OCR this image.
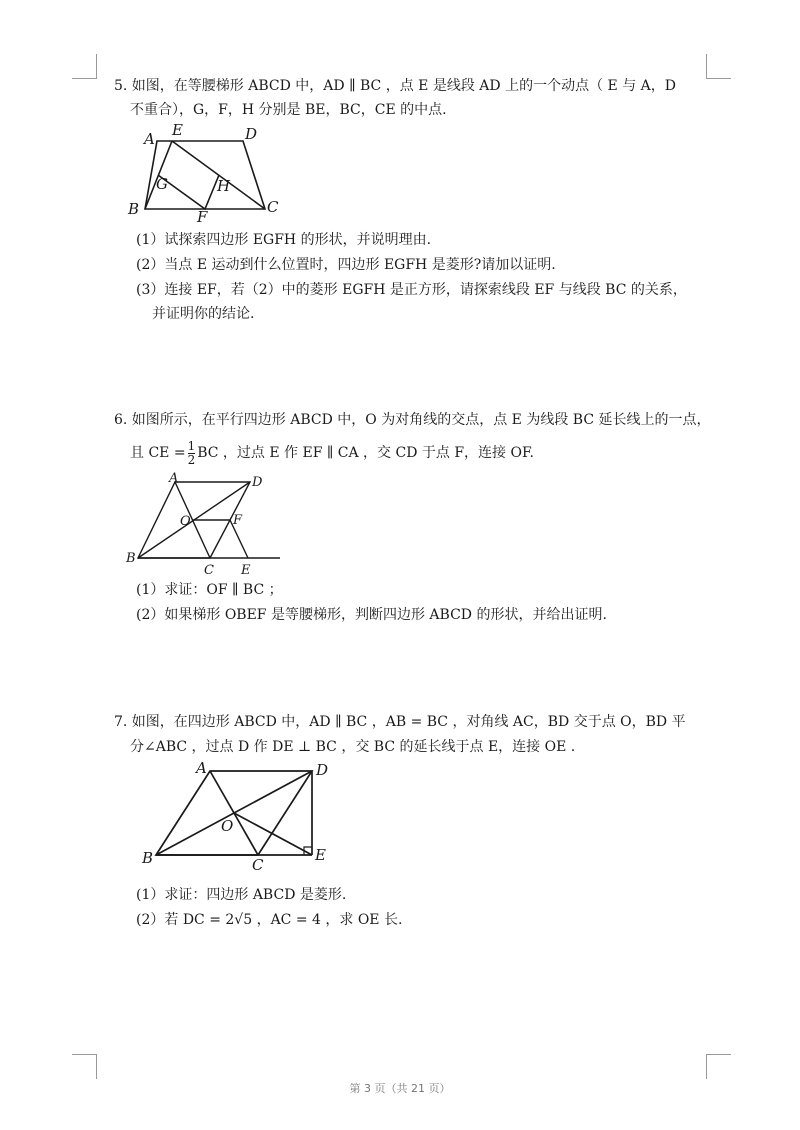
5. 如图，在等腰梯形 ABCD 中，AD ∥ BC ，点 E 是线段 AD 上的一个动点（ E 与 A，D
不重合），G，F，H 分别是 BE，BC，CE 的中点.
A E	D
G	H
B	F
C
(1）试探索四边形 EGFH 的形状，并说明理由.
(2）当点 E 运动到什么位置时，四边形 EGFH 是菱形?请加以证明.
(3）连接 EF，若（2）中的菱形 EGFH 是正方形，请探索线段 EF 与线段 BC 的关系，
并证明你的结论.
6. 如图所示，在平行四边形 ABCD 中，O 为对角线的交点，点 E 为线段 BC 延长线上的一点，
且 CE = $\frac{1}{2}$ BC ，过点 E 作 EF ∥ CA ，交 CD 于点 F，连接 OF.
A	D
O	F
B
C E
(1）求证：OF ∥ BC ；
(2）如果梯形 OBEF 是等腰梯形，判断四边形 ABCD 的形状，并给出证明.
7. 如图，在四边形 ABCD 中，AD ∥ BC ，AB = BC ，对角线 AC，BD 交于点 O，BD 平
分∠ABC ，过点 D 作 DE ⊥ BC ，交 BC 的延长线于点 E，连接 OE .
A	D
O
B	C
E
(1）求证：四边形 ABCD 是菱形.
(2）若 DC = 2√5 ，AC = 4 ，求 OE 长.
第 3 页（共 21 页）
